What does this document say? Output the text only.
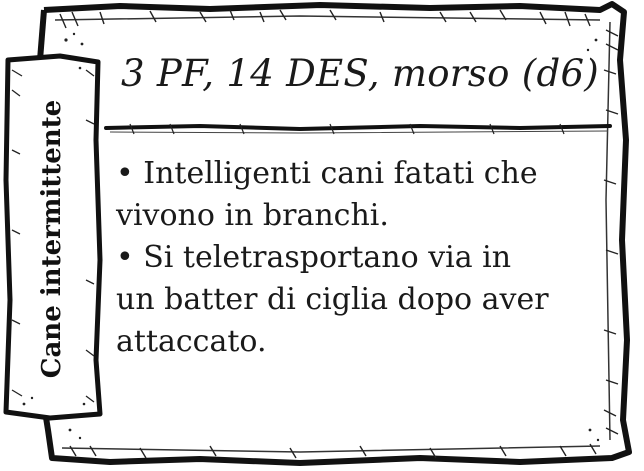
3 PF, 14 DES, morso (d6)

• Intelligenti cani fatati che vivono in branchi.

• Si teletrasportano via in un batter di ciglia dopo aver attaccato.

Cane intermittente
